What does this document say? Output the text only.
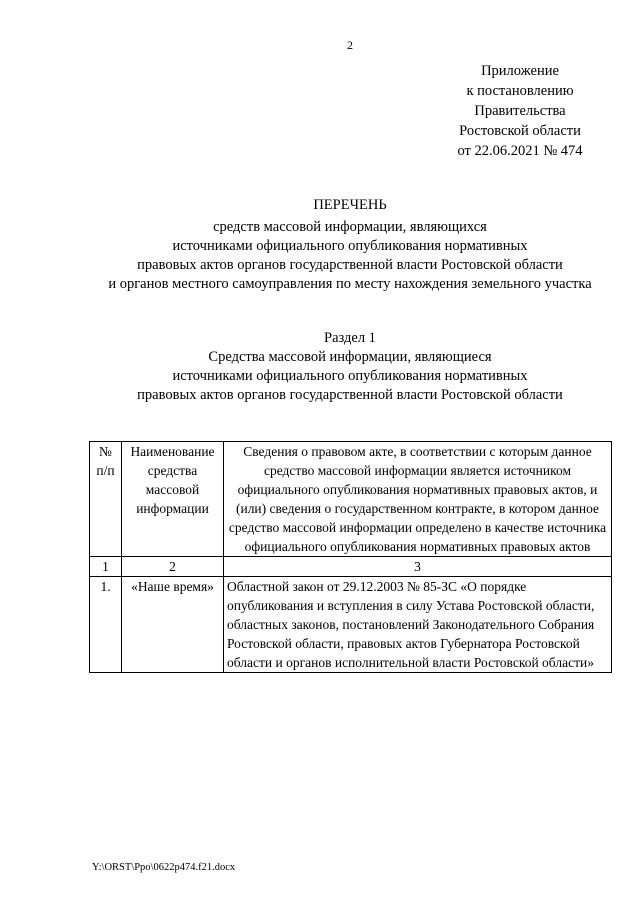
2
Приложение
к постановлению
Правительства
Ростовской области
от 22.06.2021 № 474
ПЕРЕЧЕНЬ
средств массовой информации, являющихся
источниками официального опубликования нормативных
правовых актов органов государственной власти Ростовской области
и органов местного самоуправления по месту нахождения земельного участка
Раздел 1
Средства массовой информации, являющиеся
источниками официального опубликования нормативных
правовых актов органов государственной власти Ростовской области
№ п/п	Наименование средства массовой информации	Сведения о правовом акте, в соответствии с которым данное средство массовой информации является источником официального опубликования нормативных правовых актов, и (или) сведения о государственном контракте, в котором данное средство массовой информации определено в качестве источника официального опубликования нормативных правовых актов
1	2	3
1.	«Наше время»	Областной закон от 29.12.2003 № 85-ЗС «О порядке опубликования и вступления в силу Устава Ростовской области, областных законов, постановлений Законодательного Собрания Ростовской области, правовых актов Губернатора Ростовской области и органов исполнительной власти Ростовской области»
Y:\ORST\Ppo\0622p474.f21.docx
